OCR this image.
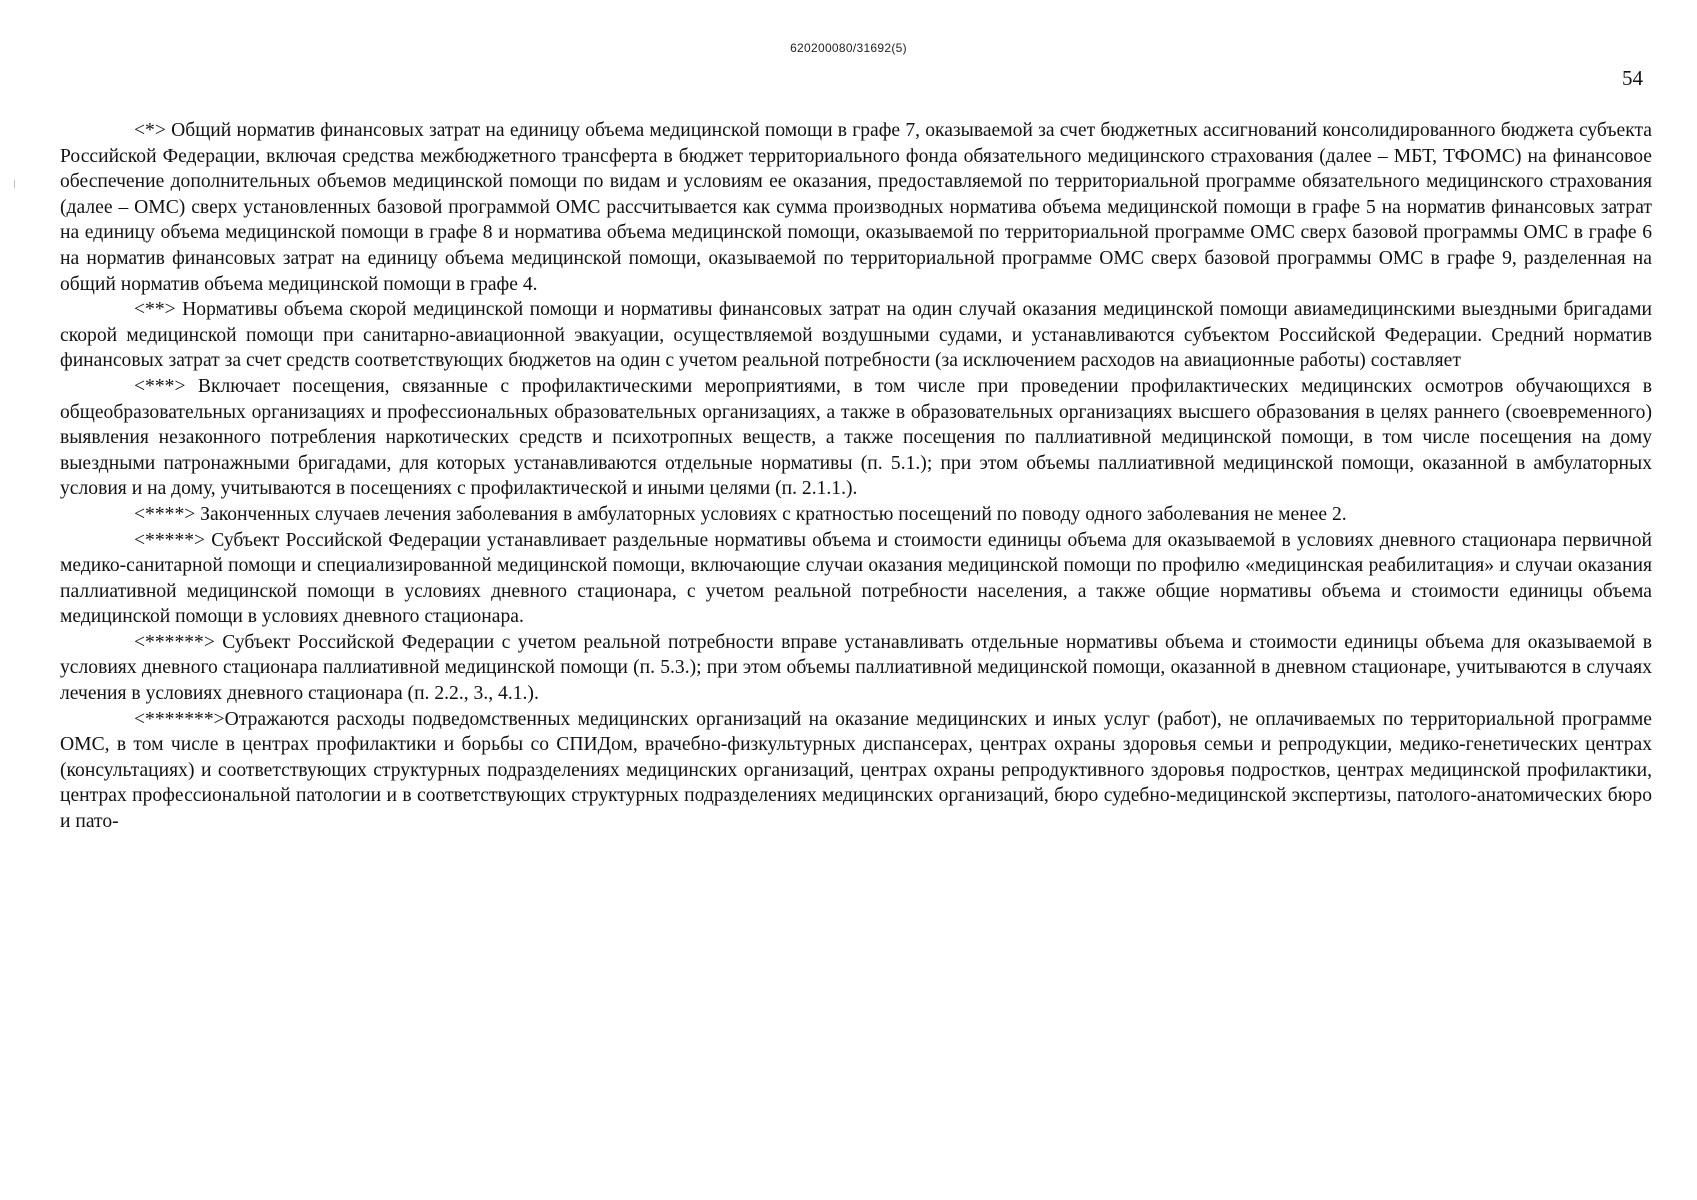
620200080/31692(5)
54

<*> Общий норматив финансовых затрат на единицу объема медицинской помощи в графе 7, оказываемой за счет бюджетных ассигнований консолидированного бюджета субъекта Российской Федерации, включая средства межбюджетного трансферта в бюджет территориального фонда обязательного медицинского страхования (далее – МБТ, ТФОМС) на финансовое обеспечение дополнительных объемов медицинской помощи по видам и условиям ее оказания, предоставляемой по территориальной программе обязательного медицинского страхования (далее – ОМС) сверх установленных базовой программой ОМС рассчитывается как сумма производных норматива объема медицинской помощи в графе 5 на норматив финансовых затрат на единицу объема медицинской помощи в графе 8 и норматива объема медицинской помощи, оказываемой по территориальной программе ОМС сверх базовой программы ОМС в графе 6 на норматив финансовых затрат на единицу объема медицинской помощи, оказываемой по территориальной программе ОМС сверх базовой программы ОМС в графе 9, разделенная на общий норматив объема медицинской помощи в графе 4.

<**> Нормативы объема скорой медицинской помощи и нормативы финансовых затрат на один случай оказания медицинской помощи авиамедицинскими выездными бригадами скорой медицинской помощи при санитарно-авиационной эвакуации, осуществляемой воздушными судами, и устанавливаются субъектом Российской Федерации. Средний норматив финансовых затрат за счет средств соответствующих бюджетов на один с учетом реальной потребности (за исключением расходов на авиационные работы) составляет

<***> Включает посещения, связанные с профилактическими мероприятиями, в том числе при проведении профилактических медицинских осмотров обучающихся в общеобразовательных организациях и профессиональных образовательных организациях, а также в образовательных организациях высшего образования в целях раннего (своевременного) выявления незаконного потребления наркотических средств и психотропных веществ, а также посещения по паллиативной медицинской помощи, в том числе посещения на дому выездными патронажными бригадами, для которых устанавливаются отдельные нормативы (п. 5.1.); при этом объемы паллиативной медицинской помощи, оказанной в амбулаторных условия и на дому, учитываются в посещениях с профилактической и иными целями (п. 2.1.1.).

<****> Законченных случаев лечения заболевания в амбулаторных условиях с кратностью посещений по поводу одного заболевания не менее 2.

<*****> Субъект Российской Федерации устанавливает раздельные нормативы объема и стоимости единицы объема для оказываемой в условиях дневного стационара первичной медико-санитарной помощи и специализированной медицинской помощи, включающие случаи оказания медицинской помощи по профилю «медицинская реабилитация» и случаи оказания паллиативной медицинской помощи в условиях дневного стационара, с учетом реальной потребности населения, а также общие нормативы объема и стоимости единицы объема медицинской помощи в условиях дневного стационара.

<******> Субъект Российской Федерации с учетом реальной потребности вправе устанавливать отдельные нормативы объема и стоимости единицы объема для оказываемой в условиях дневного стационара паллиативной медицинской помощи (п. 5.3.); при этом объемы паллиативной медицинской помощи, оказанной в дневном стационаре, учитываются в случаях лечения в условиях дневного стационара (п. 2.2., 3., 4.1.).

<*******>Отражаются расходы подведомственных медицинских организаций на оказание медицинских и иных услуг (работ), не оплачиваемых по территориальной программе ОМС, в том числе в центрах профилактики и борьбы со СПИДом, врачебно-физкультурных диспансерах, центрах охраны здоровья семьи и репродукции, медико-генетических центрах (консультациях) и соответствующих структурных подразделениях медицинских организаций, центрах охраны репродуктивного здоровья подростков, центрах медицинской профилактики, центрах профессиональной патологии и в соответствующих структурных подразделениях медицинских организаций, бюро судебно-медицинской экспертизы, патолого-анатомических бюро и пато-
